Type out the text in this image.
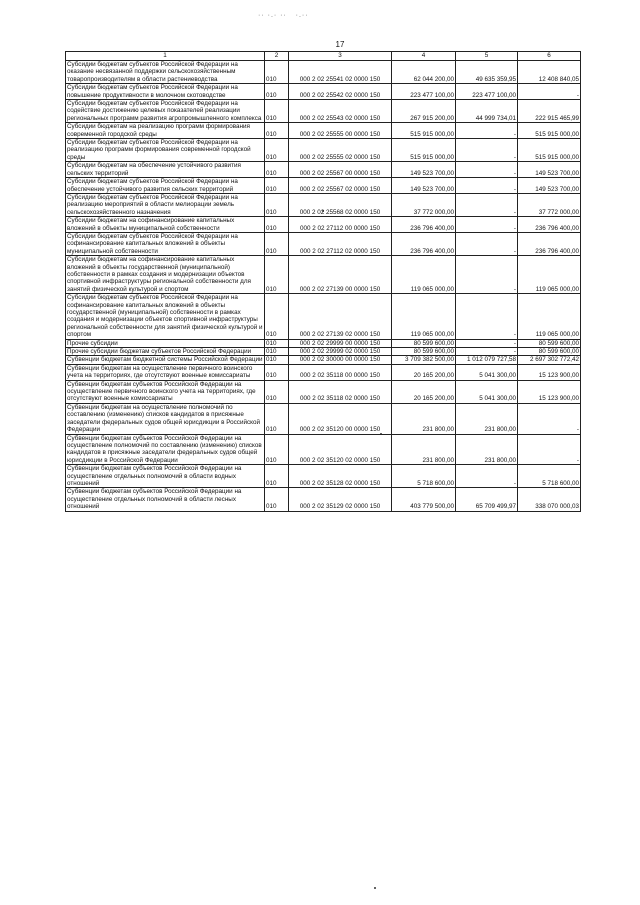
·· ·.· ··   ·.··
17
1	2	3	4	5	6
Субсидии бюджетам субъектов Российской Федерации на оказание несвязанной поддержки сельскохозяйственным товаропроизводителям в области растениеводства	010	000 2 02 25541 02 0000 150	62 044 200,00	49 635 359,95	12 408 840,05
Субсидии бюджетам субъектов Российской Федерации на повышение продуктивности в молочном скотоводстве	010	000 2 02 25542 02 0000 150	223 477 100,00	223 477 100,00	-
Субсидии бюджетам субъектов Российской Федерации на содействие достижению целевых показателей реализации региональных программ развития агропромышленного комплекса	010	000 2 02 25543 02 0000 150	267 915 200,00	44 999 734,01	222 915 465,99
Субсидии бюджетам на реализацию программ формирования современной городской среды	010	000 2 02 25555 00 0000 150	515 915 000,00	-	515 915 000,00
Субсидии бюджетам субъектов Российской Федерации на реализацию программ формирования современной городской среды	010	000 2 02 25555 02 0000 150	515 915 000,00	-	515 915 000,00
Субсидии бюджетам на обеспечение устойчивого развития сельских территорий	010	000 2 02 25567 00 0000 150	149 523 700,00	-	149 523 700,00
Субсидии бюджетам субъектов Российской Федерации на обеспечение устойчивого развития сельских территорий	010	000 2 02 25567 02 0000 150	149 523 700,00	-	149 523 700,00
Субсидии бюджетам субъектов Российской Федерации на реализацию мероприятий в области мелиорации земель сельскохозяйственного назначения	010	000 2 02 25568 02 0000 150	37 772 000,00	-	37 772 000,00
Субсидии бюджетам на софинансирование капитальных вложений в объекты муниципальной собственности	010	000 2 02 27112 00 0000 150	236 796 400,00	-	236 796 400,00
Субсидии бюджетам субъектов Российской Федерации на софинансирование капитальных вложений в объекты муниципальной собственности	010	000 2 02 27112 02 0000 150	236 796 400,00	-	236 796 400,00
Субсидии бюджетам на софинансирование капитальных вложений в объекты государственной (муниципальной) собственности в рамках создания и модернизации объектов спортивной инфраструктуры региональной собственности для занятий физической культурой и спортом	010	000 2 02 27139 00 0000 150	119 065 000,00	-	119 065 000,00
Субсидии бюджетам субъектов Российской Федерации на софинансирование капитальных вложений в объекты государственной (муниципальной) собственности в рамках создания и модернизации объектов спортивной инфраструктуры региональной собственности для занятий физической культурой и спортом	010	000 2 02 27139 02 0000 150	119 065 000,00	-	119 065 000,00
Прочие субсидии	010	000 2 02 29999 00 0000 150	80 599 600,00	-	80 599 600,00
Прочие субсидии бюджетам субъектов Российской Федерации	010	000 2 02 29999 02 0000 150	80 599 600,00	-	80 599 600,00
Субвенции бюджетам бюджетной системы Российской Федерации	010	000 2 02 30000 00 0000 150	3 709 382 500,00	1 012 079 727,58	2 697 302 772,42
Субвенции бюджетам на осуществление первичного воинского учета на территориях, где отсутствуют военные комиссариаты	010	000 2 02 35118 00 0000 150	20 165 200,00	5 041 300,00	15 123 900,00
Субвенции бюджетам субъектов Российской Федерации на осуществление первичного воинского учета на территориях, где отсутствуют военные комиссариаты	010	000 2 02 35118 02 0000 150	20 165 200,00	5 041 300,00	15 123 900,00
Субвенции бюджетам на осуществление полномочий по составлению (изменению) списков кандидатов в присяжные заседатели федеральных судов общей юрисдикции в Российской Федерации	010	000 2 02 35120 00 0000 150	231 800,00	231 800,00	-
Субвенции бюджетам субъектов Российской Федерации на осуществление полномочий по составлению (изменению) списков кандидатов в присяжные заседатели федеральных судов общей юрисдикции в Российской Федерации	010	000 2 02 35120 02 0000 150	231 800,00	231 800,00	-
Субвенции бюджетам субъектов Российской Федерации на осуществление отдельных полномочий в области водных отношений	010	000 2 02 35128 02 0000 150	5 718 600,00	-	5 718 600,00
Субвенции бюджетам субъектов Российской Федерации на осуществление отдельных полномочий в области лесных отношений	010	000 2 02 35129 02 0000 150	403 779 500,00	65 709 499,97	338 070 000,03
